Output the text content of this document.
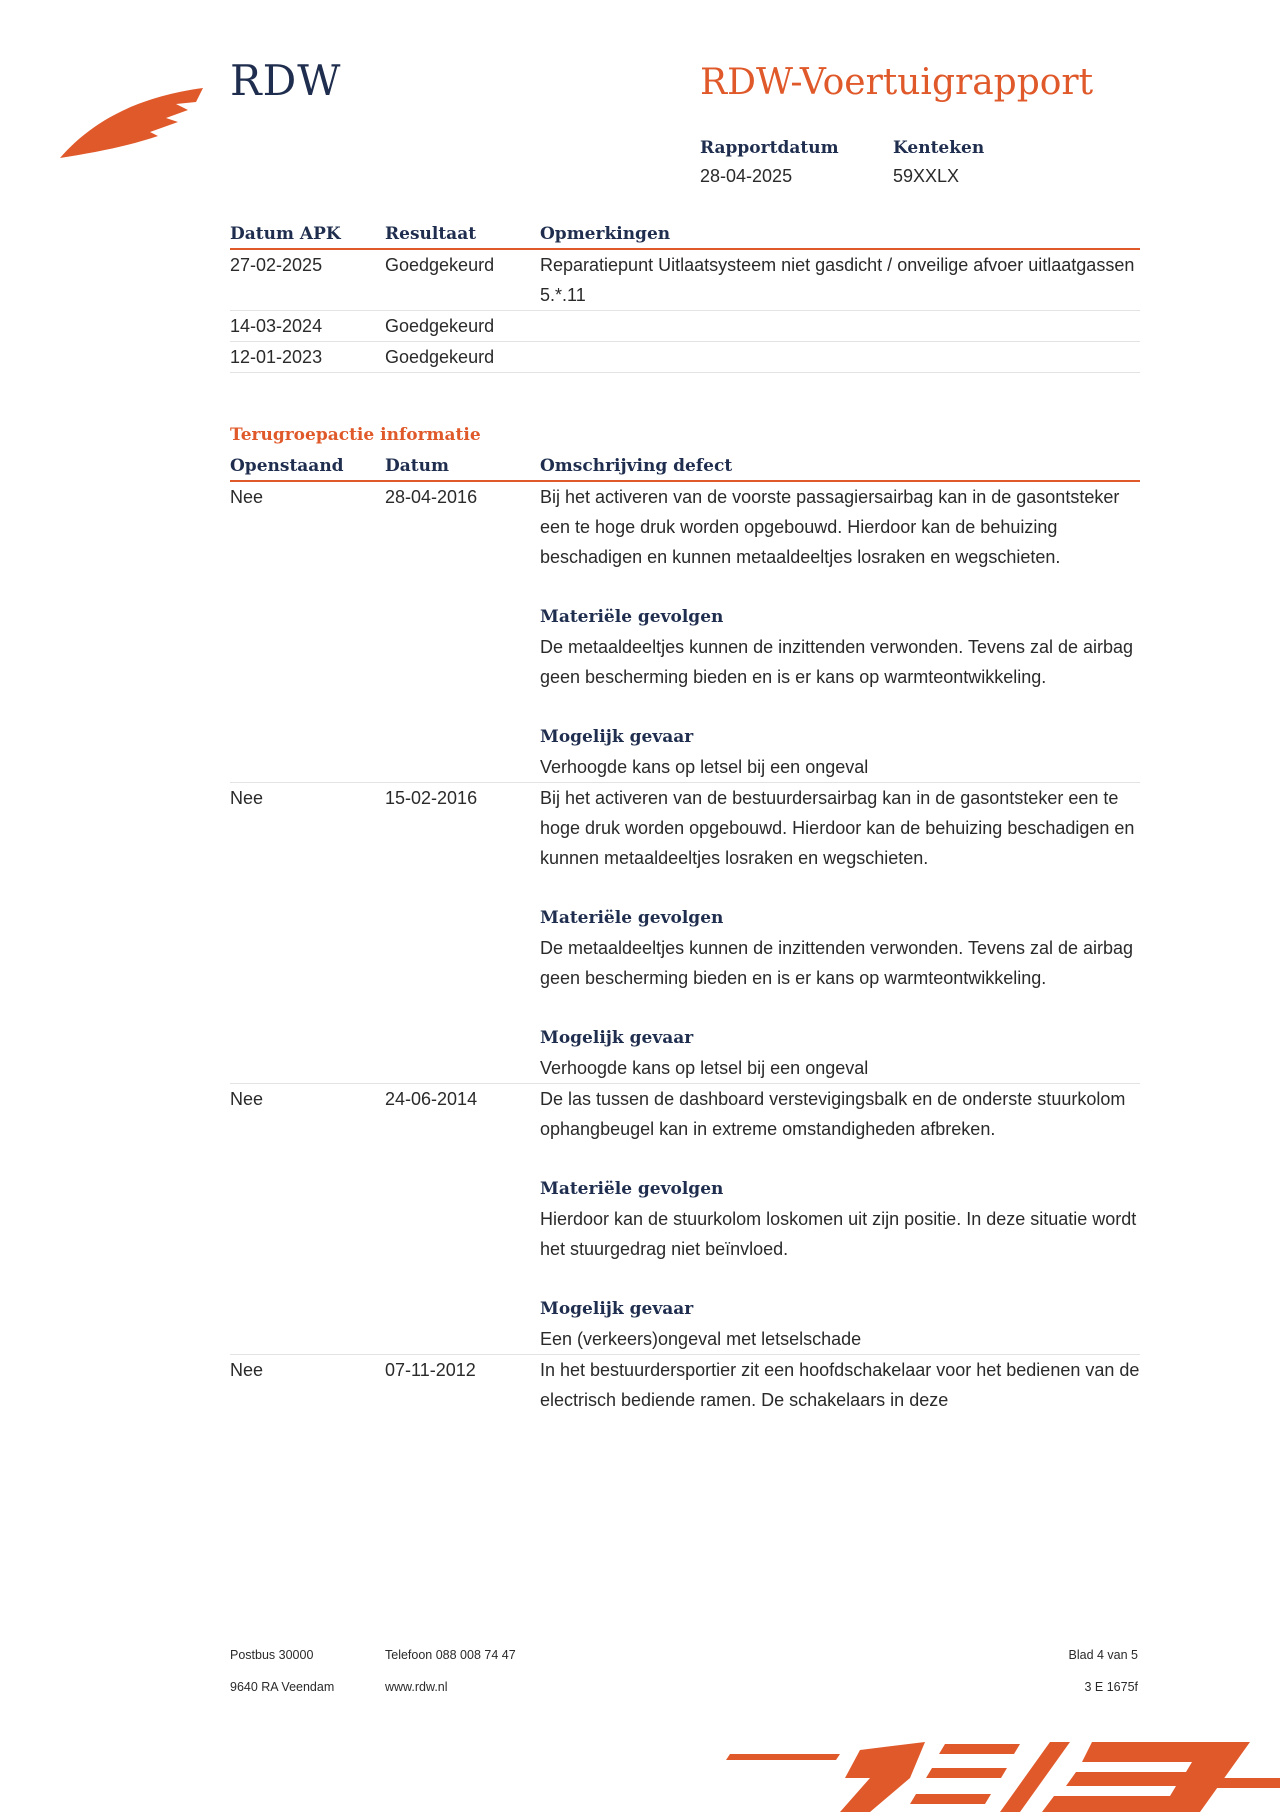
RDW	RDW-Voertuigrapport
Rapportdatum
28-04-2025
Kenteken
59XXLX
Datum APK	Resultaat	Opmerkingen
27-02-2025	Goedgekeurd	Reparatiepunt Uitlaatsysteem niet gasdicht / onveilige afvoer uitlaatgassen 5.*.11
14-03-2024	Goedgekeurd	
12-01-2023	Goedgekeurd	
Terugroepactie informatie
Openstaand	Datum	Omschrijving defect
Nee	28-04-2016	Bij het activeren van de voorste passagiersairbag kan in de gasontsteker een te hoge druk worden opgebouwd. Hierdoor kan de behuizing beschadigen en kunnen metaaldeeltjes losraken en wegschieten.

Materiële gevolgen

De metaaldeeltjes kunnen de inzittenden verwonden. Tevens zal de airbag geen bescherming bieden en is er kans op warmteontwikkeling.

Mogelijk gevaar

Verhoogde kans op letsel bij een ongeval

Nee	15-02-2016	Bij het activeren van de bestuurdersairbag kan in de gasontsteker een te hoge druk worden opgebouwd. Hierdoor kan de behuizing beschadigen en kunnen metaaldeeltjes losraken en wegschieten.

Materiële gevolgen

De metaaldeeltjes kunnen de inzittenden verwonden. Tevens zal de airbag geen bescherming bieden en is er kans op warmteontwikkeling.

Mogelijk gevaar

Verhoogde kans op letsel bij een ongeval

Nee	24-06-2014	De las tussen de dashboard verstevigingsbalk en de onderste stuurkolom ophangbeugel kan in extreme omstandigheden afbreken.

Materiële gevolgen

Hierdoor kan de stuurkolom loskomen uit zijn positie. In deze situatie wordt het stuurgedrag niet beïnvloed.

Mogelijk gevaar

Een (verkeers)ongeval met letselschade

Nee	07-11-2012	In het bestuurdersportier zit een hoofdschakelaar voor het bedienen van de electrisch bediende ramen. De schakelaars in deze

Postbus 30000
9640 RA Veendam
Telefoon 088 008 74 47
www.rdw.nl
Blad 4 van 5
3 E 1675f
